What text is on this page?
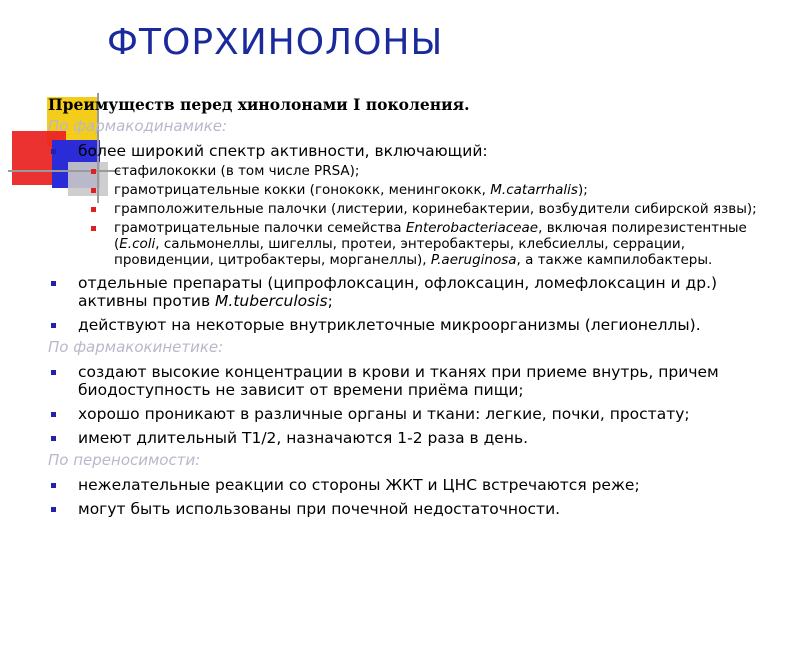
ФТОРХИНОЛОНЫ
Преимуществ перед хинолонами I поколения.
По фармакодинамике:
более широкий спектр активности, включающий:
стафилококки (в том числе PRSA);
грамотрицательные кокки (гонококк, менингококк, M.catarrhalis);
грамположительные палочки (листерии, коринебактерии, возбудители сибирской язвы);
грамотрицательные палочки семейства Enterobacteriaceae, включая полирезистентные (E.coli, сальмонеллы, шигеллы, протеи, энтеробактеры, клебсиеллы, серрации, провиденции, цитробактеры, морганеллы), P.aeruginosa, а также кампилобактеры.
отдельные препараты (ципрофлоксацин, офлоксацин, ломефлоксацин и др.) активны против M.tuberculosis;
действуют на некоторые внутриклеточные микроорганизмы (легионеллы).
По фармакокинетике:
создают высокие концентрации в крови и тканях при приеме внутрь, причем биодоступность не зависит от времени приёма пищи;
хорошо проникают в различные органы и ткани: легкие, почки, простату;
имеют длительный Т1/2, назначаются 1-2 раза в день.
По переносимости:
нежелательные реакции со стороны ЖКТ и ЦНС встречаются реже;
могут быть использованы при почечной недостаточности.
